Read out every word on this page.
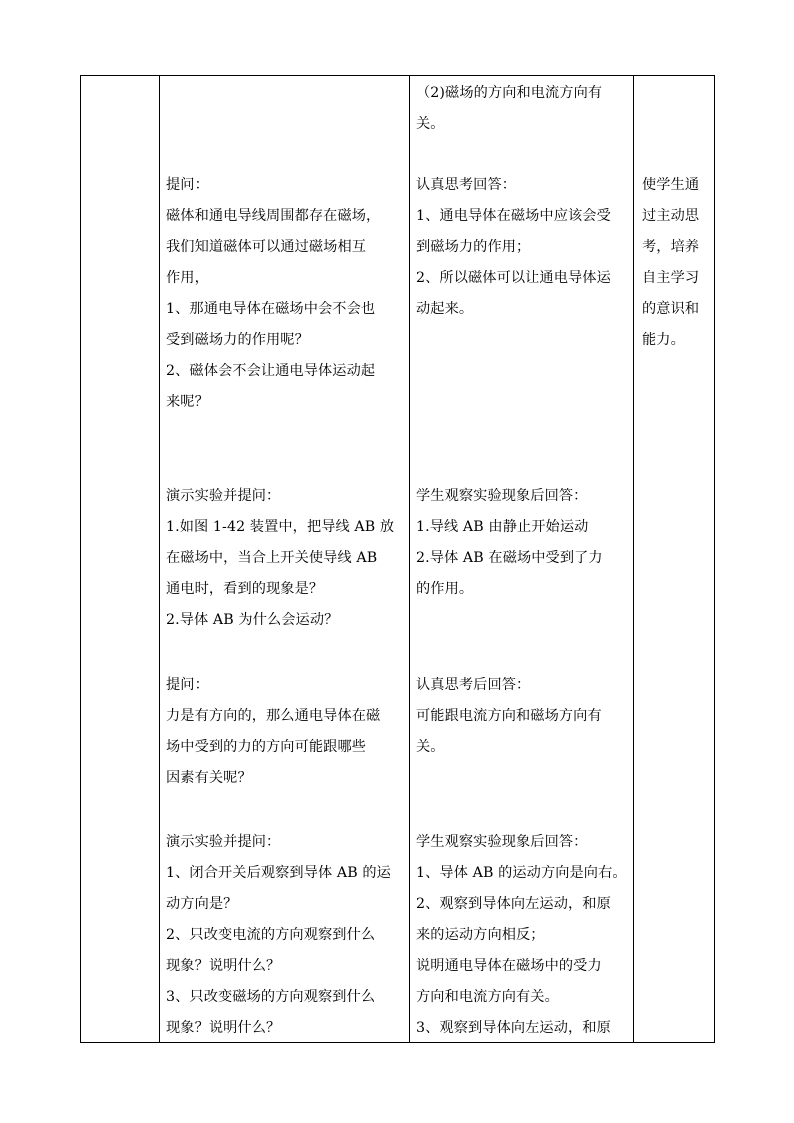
提问：
磁体和通电导线周围都存在磁场，
我们知道磁体可以通过磁场相互
作用，
1、那通电导体在磁场中会不会也
受到磁场力的作用呢？
2、磁体会不会让通电导体运动起
来呢？
演示实验并提问：
1.如图 1-42 装置中，把导线 AB 放
在磁场中，当合上开关使导线 AB
通电时，看到的现象是？
2.导体 AB 为什么会运动？
提问：
力是有方向的，那么通电导体在磁
场中受到的力的方向可能跟哪些
因素有关呢？
演示实验并提问：
1、闭合开关后观察到导体 AB 的运
动方向是？
2、只改变电流的方向观察到什么
现象？说明什么？
3、只改变磁场的方向观察到什么
现象？说明什么？
（2)磁场的方向和电流方向有
关。
认真思考回答：
1、通电导体在磁场中应该会受
到磁场力的作用；
2、所以磁体可以让通电导体运
动起来。
学生观察实验现象后回答：
1.导线 AB 由静止开始运动
2.导体 AB 在磁场中受到了力
的作用。
认真思考后回答：
可能跟电流方向和磁场方向有
关。
学生观察实验现象后回答：
1、导体 AB 的运动方向是向右。
2、观察到导体向左运动，和原
来的运动方向相反；
说明通电导体在磁场中的受力
方向和电流方向有关。
3、观察到导体向左运动，和原
使学生通
过主动思
考，培养
自主学习
的意识和
能力。
